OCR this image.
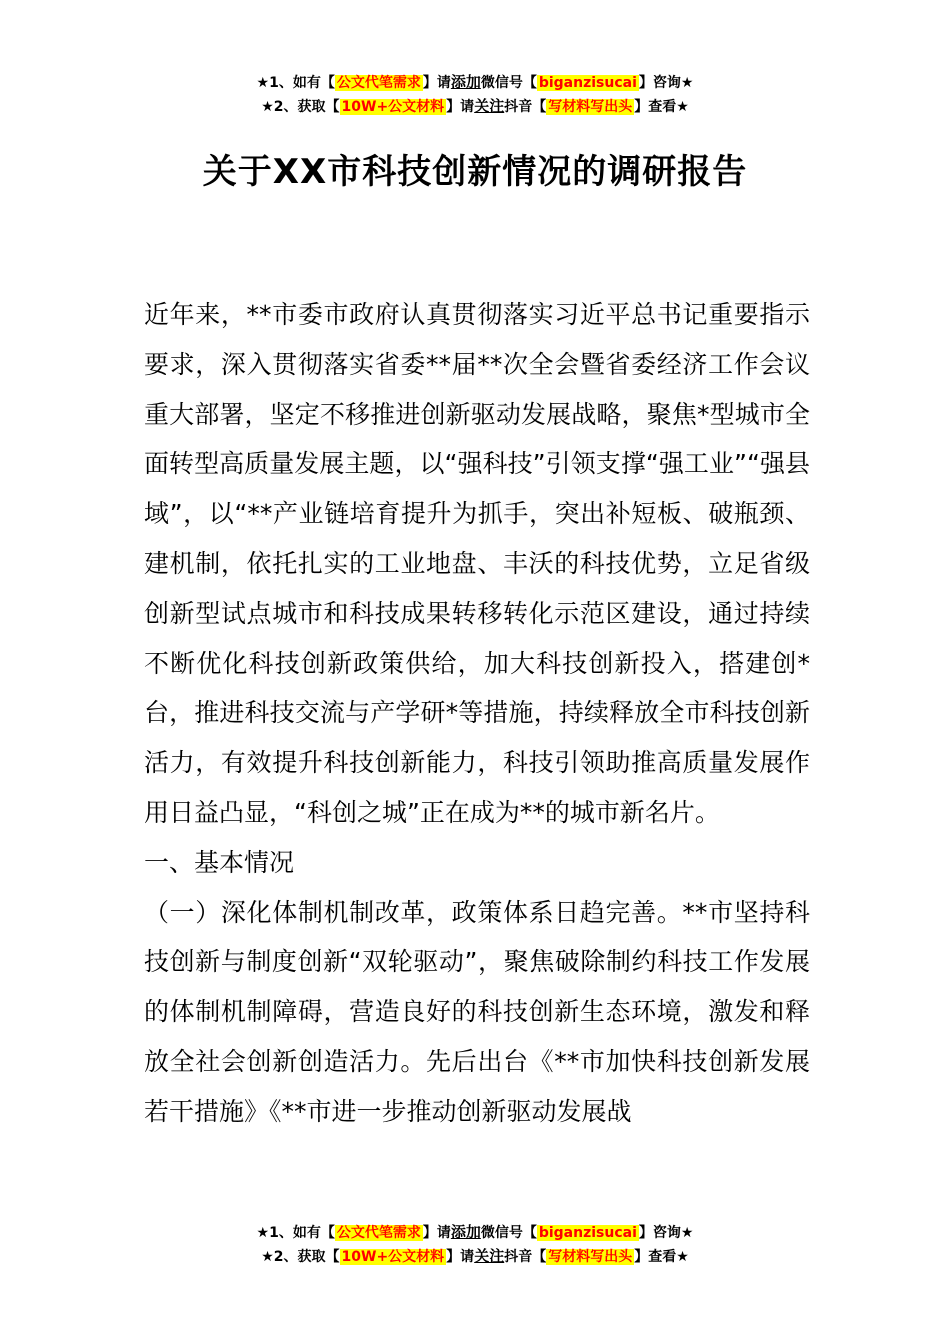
★1、如有【 公文代笔需求 】请添加微信号【 biganzisucai 】咨询★
★2、获取【 10W+公文材料 】请关注抖音【 写材料写出头 】查看★
关于XX市科技创新情况的调研报告

近年来，**市委市政府认真贯彻落实习近平总书记重要指示要求，深入贯彻落实省委**届**次全会暨省委经济工作会议重大部署，坚定不移推进创新驱动发展战略，聚焦*型城市全面转型高质量发展主题，以“强科技”引领支撑“强工业”“强县域”，以“**产业链培育提升为抓手，突出补短板、破瓶颈、建机制，依托扎实的工业地盘、丰沃的科技优势，立足省级创新型试点城市和科技成果转移转化示范区建设，通过持续不断优化科技创新政策供给，加大科技创新投入，搭建创*台，推进科技交流与产学研*等措施，持续释放全市科技创新活力，有效提升科技创新能力，科技引领助推高质量发展作用日益凸显，“科创之城”正在成为**的城市新名片。

一、基本情况

（一）深化体制机制改革，政策体系日趋完善。**市坚持科技创新与制度创新“双轮驱动”，聚焦破除制约科技工作发展的体制机制障碍，营造良好的科技创新生态环境，激发和释放全社会创新创造活力。先后出台《**市加快科技创新发展若干措施》《**市进一步推动创新驱动发展战

★1、如有【 公文代笔需求 】请添加微信号【 biganzisucai 】咨询★
★2、获取【 10W+公文材料 】请关注抖音【 写材料写出头 】查看★
